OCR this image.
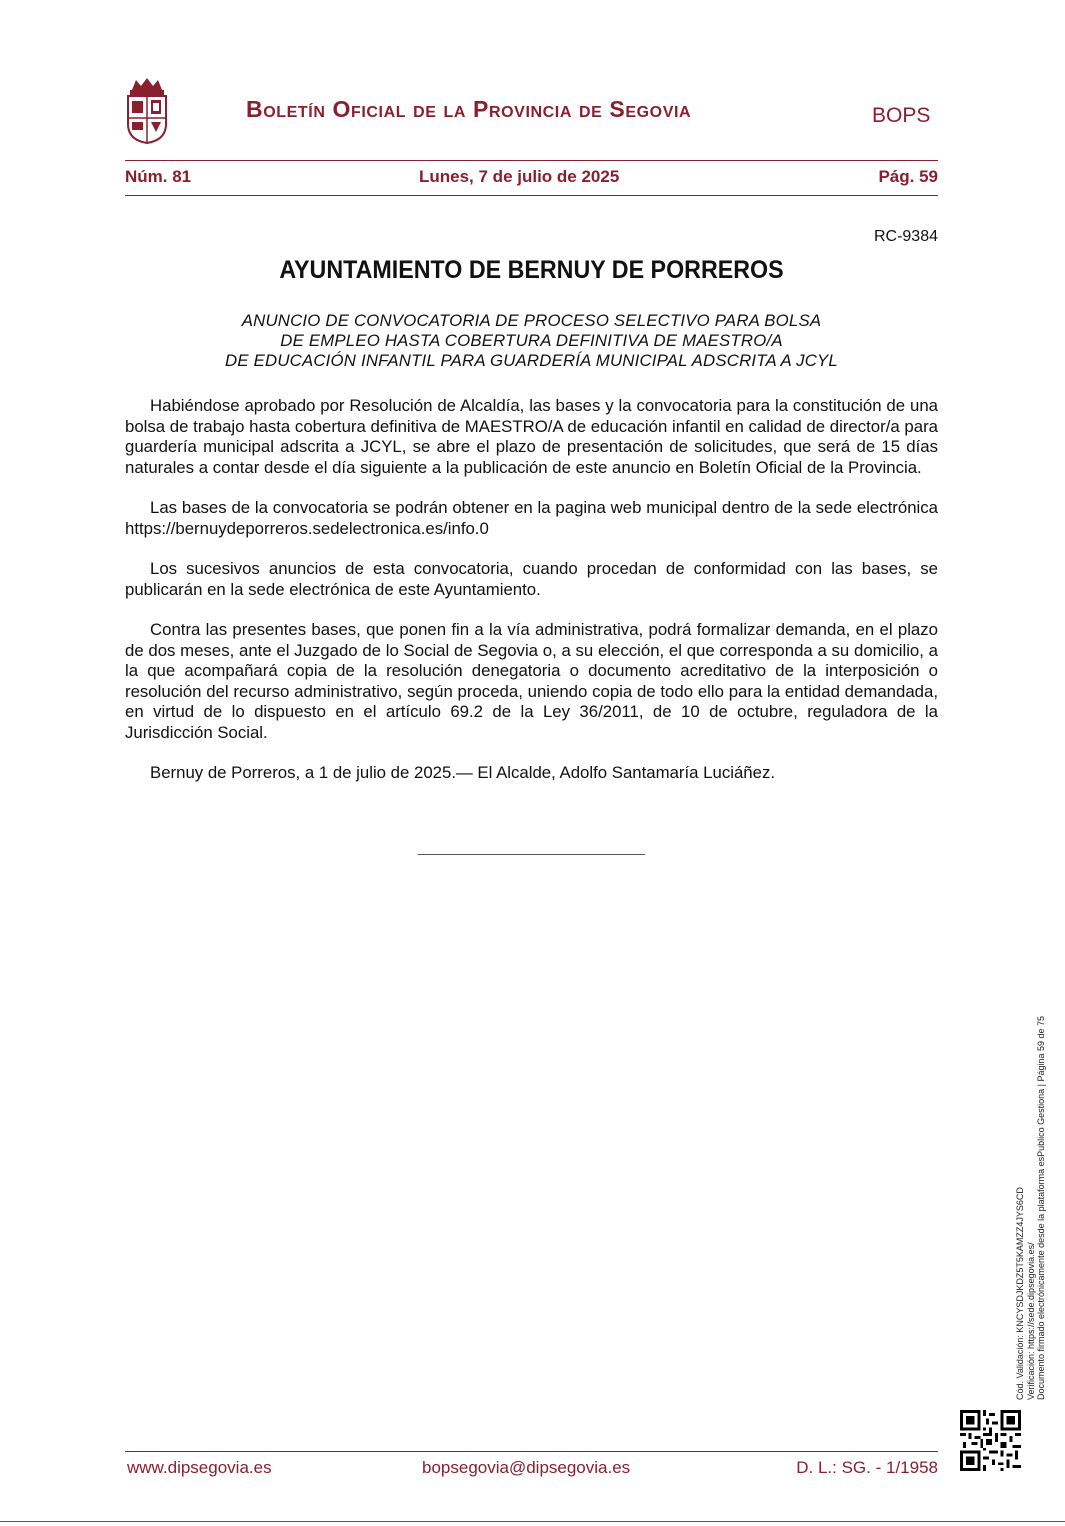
Boletín Oficial de la Provincia de Segovia	BOPS
Núm. 81	Lunes, 7 de julio de 2025	Pág. 59
RC-9384
AYUNTAMIENTO DE BERNUY DE PORREROS
ANUNCIO DE CONVOCATORIA DE PROCESO SELECTIVO PARA BOLSA
DE EMPLEO HASTA COBERTURA DEFINITIVA DE MAESTRO/A
DE EDUCACIÓN INFANTIL PARA GUARDERÍA MUNICIPAL ADSCRITA A JCYL

Habiéndose aprobado por Resolución de Alcaldía, las bases y la convocatoria para la constitución de una bolsa de trabajo hasta cobertura definitiva de MAESTRO/A de educación infantil en calidad de director/a para guardería municipal adscrita a JCYL, se abre el plazo de presentación de solicitudes, que será de 15 días naturales a contar desde el día siguiente a la publicación de este anuncio en Boletín Oficial de la Provincia.

Las bases de la convocatoria se podrán obtener en la pagina web municipal dentro de la sede electrónica https://bernuydeporreros.sedelectronica.es/info.0

Los sucesivos anuncios de esta convocatoria, cuando procedan de conformidad con las bases, se publicarán en la sede electrónica de este Ayuntamiento.

Contra las presentes bases, que ponen fin a la vía administrativa, podrá formalizar demanda, en el plazo de dos meses, ante el Juzgado de lo Social de Segovia o, a su elección, el que corresponda a su domicilio, a la que acompañará copia de la resolución denegatoria o documento acreditativo de la interposición o resolución del recurso administrativo, según proceda, uniendo copia de todo ello para la entidad demandada, en virtud de lo dispuesto en el artículo 69.2 de la Ley 36/2011, de 10 de octubre, reguladora de la Jurisdicción Social.

Bernuy de Porreros, a 1 de julio de 2025.— El Alcalde, Adolfo Santamaría Luciáñez.

Cód. Validación: KNCYSDJKDZ5T5KAMZZ4JYS6CD Verificación: https://sede.dipsegovia.es/ Documento firmado electrónicamente desde la plataforma esPublico Gestiona | Página 59 de 75
www.dipsegovia.es	bopsegovia@dipsegovia.es	D. L.: SG. - 1/1958
